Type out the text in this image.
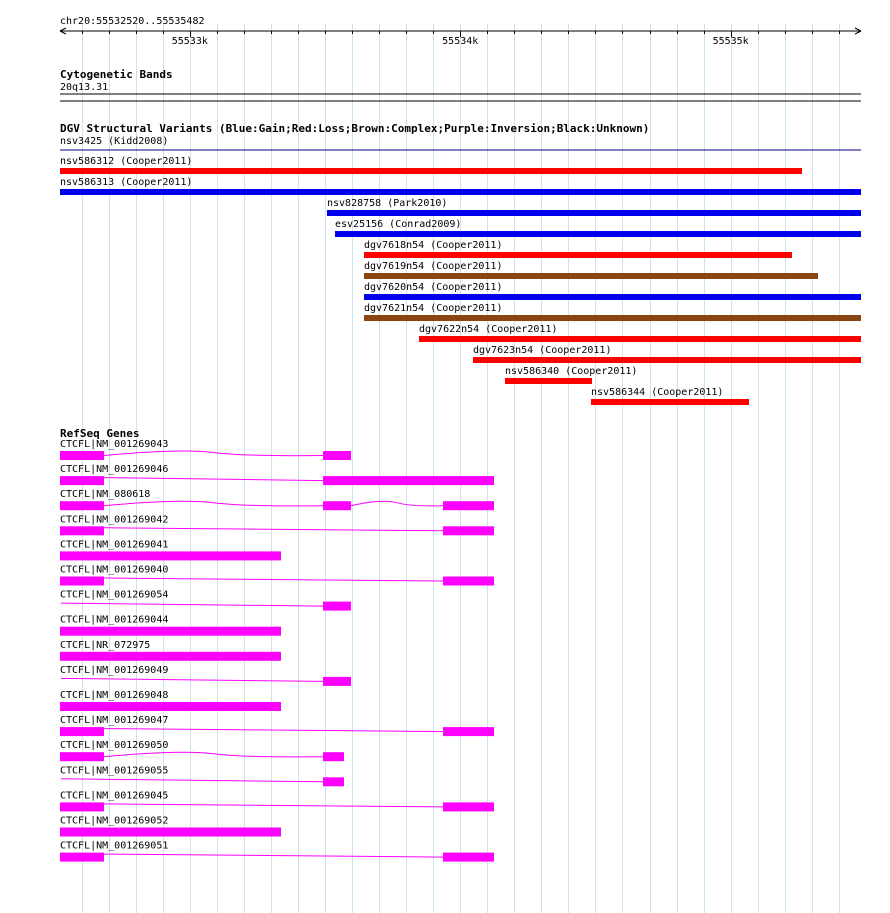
chr20:55532520..55535482
55533k	55534k	55535k
Cytogenetic Bands
20q13.31
DGV Structural Variants (Blue:Gain;Red:Loss;Brown:Complex;Purple:Inversion;Black:Unknown)
nsv3425 (Kidd2008)
nsv586312 (Cooper2011)
nsv586313 (Cooper2011)
nsv828758 (Park2010)
esv25156 (Conrad2009)
dgv7618n54 (Cooper2011)
dgv7619n54 (Cooper2011)
dgv7620n54 (Cooper2011)
dgv7621n54 (Cooper2011)
dgv7622n54 (Cooper2011)
dgv7623n54 (Cooper2011)
nsv586340 (Cooper2011)
nsv586344 (Cooper2011)
RefSeq Genes
CTCFL|NM_001269043
CTCFL|NM_001269046
CTCFL|NM_080618
CTCFL|NM_001269042
CTCFL|NM_001269041
CTCFL|NM_001269040
CTCFL|NM_001269054
CTCFL|NM_001269044
CTCFL|NR_072975
CTCFL|NM_001269049
CTCFL|NM_001269048
CTCFL|NM_001269047
CTCFL|NM_001269050
CTCFL|NM_001269055
CTCFL|NM_001269045
CTCFL|NM_001269052
CTCFL|NM_001269051
